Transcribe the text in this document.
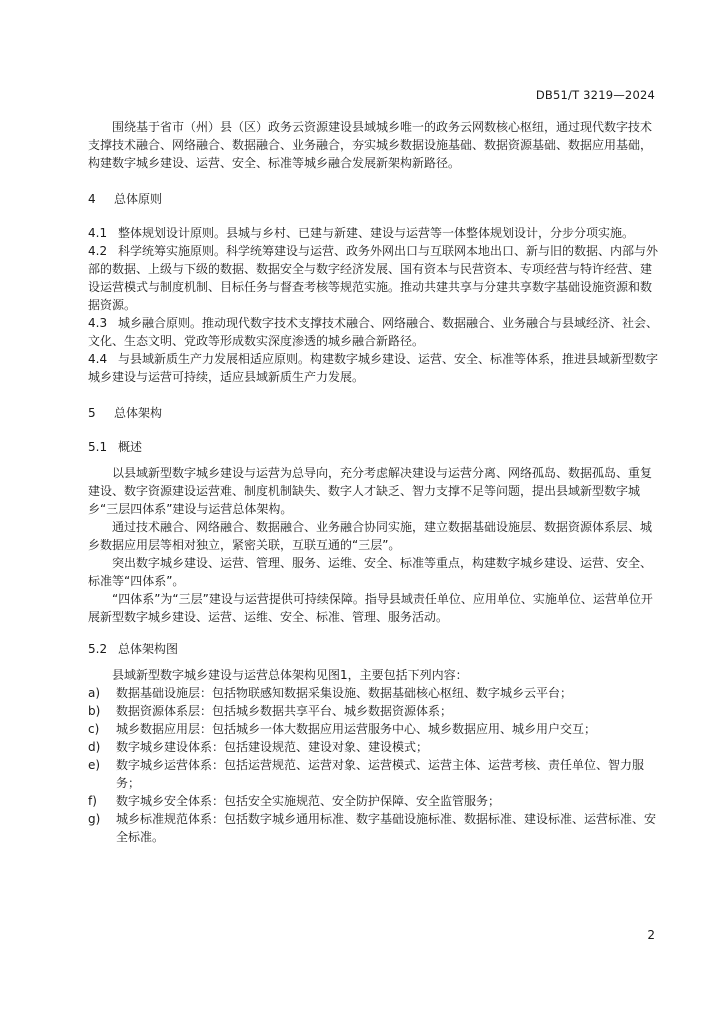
DB51/T 3219—2024

围绕基于省市（州）县（区）政务云资源建设县域城乡唯一的政务云网数核心枢纽，通过现代数字技术支撑技术融合、网络融合、数据融合、业务融合，夯实城乡数据设施基础、数据资源基础、数据应用基础，构建数字城乡建设、运营、安全、标准等城乡融合发展新架构新路径。

4 总体原则
4.1 整体规划设计原则。县城与乡村、已建与新建、建设与运营等一体整体规划设计，分步分项实施。
4.2 科学统筹实施原则。科学统筹建设与运营、政务外网出口与互联网本地出口、新与旧的数据、内部与外部的数据、上级与下级的数据、数据安全与数字经济发展、国有资本与民营资本、专项经营与特许经营、建设运营模式与制度机制、目标任务与督查考核等规范实施。推动共建共享与分建共享数字基础设施资源和数据资源。
4.3 城乡融合原则。推动现代数字技术支撑技术融合、网络融合、数据融合、业务融合与县域经济、社会、文化、生态文明、党政等形成数实深度渗透的城乡融合新路径。
4.4 与县域新质生产力发展相适应原则。构建数字城乡建设、运营、安全、标准等体系，推进县域新型数字城乡建设与运营可持续，适应县域新质生产力发展。
5 总体架构
5.1 概述

以县域新型数字城乡建设与运营为总导向，充分考虑解决建设与运营分离、网络孤岛、数据孤岛、重复建设、数字资源建设运营难、制度机制缺失、数字人才缺乏、智力支撑不足等问题，提出县域新型数字城乡“三层四体系”建设与运营总体架构。

通过技术融合、网络融合、数据融合、业务融合协同实施，建立数据基础设施层、数据资源体系层、城乡数据应用层等相对独立，紧密关联，互联互通的“三层”。

突出数字城乡建设、运营、管理、服务、运维、安全、标准等重点，构建数字城乡建设、运营、安全、标准等“四体系”。

“四体系”为“三层”建设与运营提供可持续保障。指导县域责任单位、应用单位、实施单位、运营单位开展新型数字城乡建设、运营、运维、安全、标准、管理、服务活动。

5.2 总体架构图

县域新型数字城乡建设与运营总体架构见图1，主要包括下列内容：

a)	数据基础设施层：包括物联感知数据采集设施、数据基础核心枢纽、数字城乡云平台；
b)	数据资源体系层：包括城乡数据共享平台、城乡数据资源体系；
c)	城乡数据应用层：包括城乡一体大数据应用运营服务中心、城乡数据应用、城乡用户交互；
d)	数字城乡建设体系：包括建设规范、建设对象、建设模式；
e)	数字城乡运营体系：包括运营规范、运营对象、运营模式、运营主体、运营考核、责任单位、智力服务；
f)	数字城乡安全体系：包括安全实施规范、安全防护保障、安全监管服务；
g)	城乡标准规范体系：包括数字城乡通用标准、数字基础设施标准、数据标准、建设标准、运营标准、安全标准。
2
